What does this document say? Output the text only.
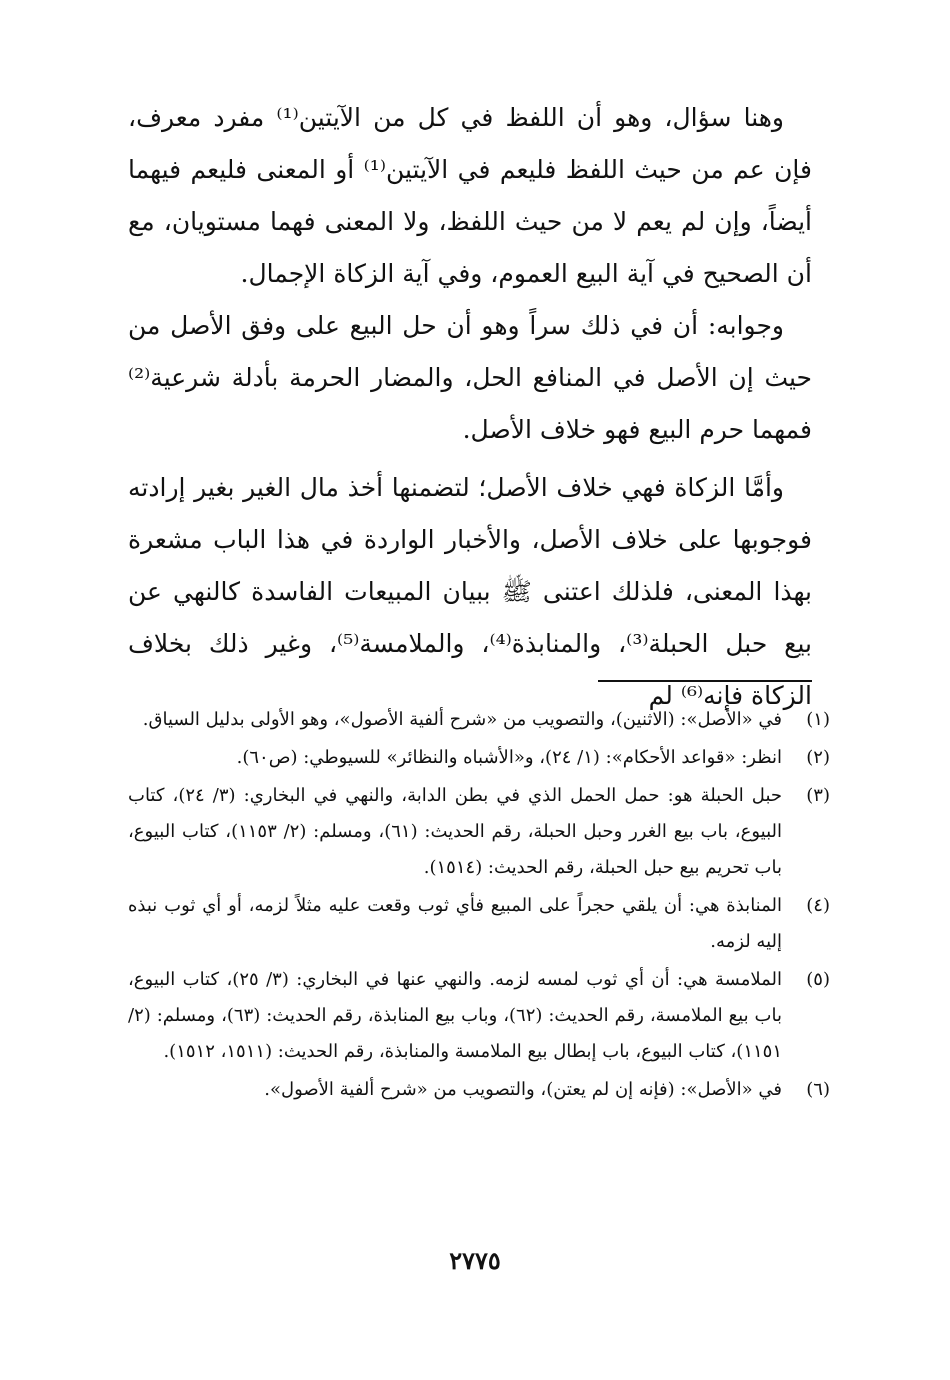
وهنا سؤال، وهو أن اللفظ في كل من الآيتين⁽¹⁾ مفرد معرف، فإن عم من حيث اللفظ فليعم في الآيتين⁽¹⁾ أو المعنى فليعم فيهما أيضاً، وإن لم يعم لا من حيث اللفظ، ولا المعنى فهما مستويان، مع أن الصحيح في آية البيع العموم، وفي آية الزكاة الإجمال.

وجوابه: أن في ذلك سراً وهو أن حل البيع على وفق الأصل من حيث إن الأصل في المنافع الحل، والمضار الحرمة بأدلة شرعية⁽²⁾ فمهما حرم البيع فهو خلاف الأصل.

وأمَّا الزكاة فهي خلاف الأصل؛ لتضمنها أخذ مال الغير بغير إرادته فوجوبها على خلاف الأصل، والأخبار الواردة في هذا الباب مشعرة بهذا المعنى، فلذلك اعتنى ﷺ ببيان المبيعات الفاسدة كالنهي عن بيع حبل الحبلة⁽³⁾، والمنابذة⁽⁴⁾، والملامسة⁽⁵⁾، وغير ذلك بخلاف الزكاة فإنه⁽⁶⁾ لم

(١)
في «الأصل»: (الاثنين)، والتصويب من «شرح ألفية الأصول»، وهو الأولى بدليل السياق.
(٢)
انظر: «قواعد الأحكام»: (١/ ٢٤)، و«الأشباه والنظائر» للسيوطي: (ص٦٠).
(٣)
حبل الحبلة هو: حمل الحمل الذي في بطن الدابة، والنهي في البخاري: (٣/ ٢٤)، كتاب البيوع، باب بيع الغرر وحبل الحبلة، رقم الحديث: (٦١)، ومسلم: (٢/ ١١٥٣)، كتاب البيوع، باب تحريم بيع حبل الحبلة، رقم الحديث: (١٥١٤).
(٤)
المنابذة هي: أن يلقي حجراً على المبيع فأي ثوب وقعت عليه مثلاً لزمه، أو أي ثوب نبذه إليه لزمه.
(٥)
الملامسة هي: أن أي ثوب لمسه لزمه. والنهي عنها في البخاري: (٣/ ٢٥)، كتاب البيوع، باب بيع الملامسة، رقم الحديث: (٦٢)، وباب بيع المنابذة، رقم الحديث: (٦٣)، ومسلم: (٢/ ١١٥١)، كتاب البيوع، باب إبطال بيع الملامسة والمنابذة، رقم الحديث: (١٥١١، ١٥١٢).
(٦)
في «الأصل»: (فإنه إن لم يعتن)، والتصويب من «شرح ألفية الأصول».
٢٧٧٥
